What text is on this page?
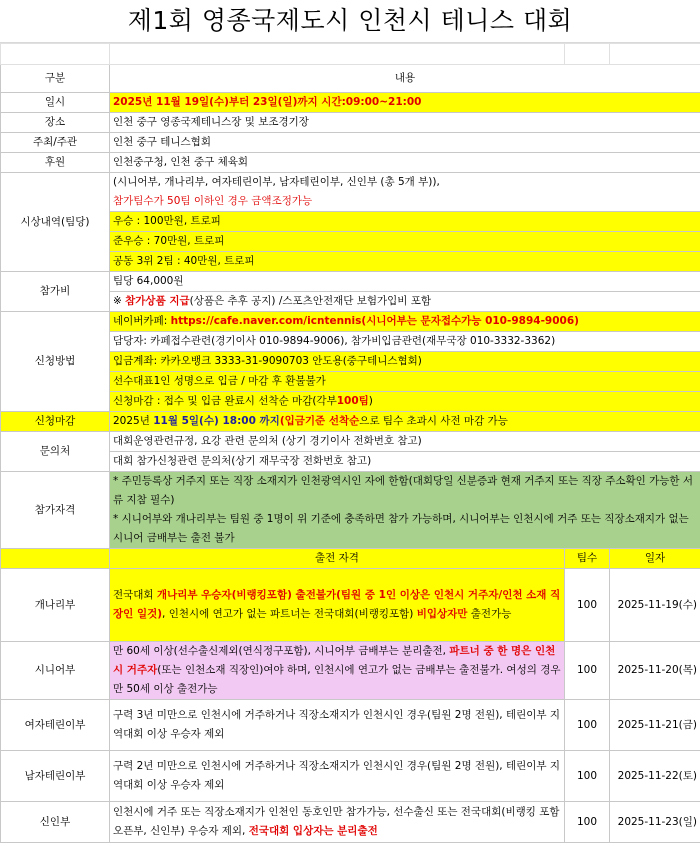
제1회 영종국제도시 인천시 테니스 대회

구분	내용		
일시	2025년 11월 19일(수)부터 23일(일)까지 시간:09:00~21:00		
장소	인천 중구 영종국제테니스장 및 보조경기장		
주최/주관	인천 중구 테니스협회		
후원	인천중구청, 인천 중구 체육회		
시상내역(팀당)	(시니어부, 개나리부, 여자테린이부, 남자테린이부, 신인부 (총 5개 부)),
참가팀수가 50팀 이하인 경우 금액조정가능		

	우승 : 100만원, 트로피		
	준우승 : 70만원, 트로피		
	공동 3위 2팀 : 40만원, 트로피		
참가비	팀당 64,000원		
	※ 참가상품 지급(상품은 추후 공지) /스포츠안전재단 보험가입비 포함		
신청방법	네이버카페: https://cafe.naver.com/icntennis(시니어부는 문자접수가능 010-9894-9006)		
	담당자: 카페접수관련(경기이사 010-9894-9006), 참가비입금관련(재무국장 010-3332-3362)		
	입금계좌: 카카오뱅크 3333-31-9090703 안도용(중구테니스협회)		
	선수대표1인 성명으로 입금 / 마감 후 환불불가		
	신청마감 : 접수 및 입금 완료시 선착순 마감(각부100팀)		
신청마감	2025년 11월 5일(수) 18:00 까지(입금기준 선착순으로 팀수 초과시 사전 마감 가능		
문의처	대회운영관련규정, 요강 관련 문의처 (상기 경기이사 전화번호 참고)		
	대회 참가신청관련 문의처(상기 재무국장 전화번호 참고)		
참가자격	* 주민등록상 거주지 또는 직장 소재지가 인천광역시인 자에 한함(대회당일 신분증과 현재 거주지 또는 직장 주소확인 가능한 서류 지참 필수)
* 시니어부와 개나리부는 팀원 중 1명이 위 기준에 충족하면 참가 가능하며, 시니어부는 인천시에 거주 또는 직장소재지가 없는 시니어 금배부는 출전 불가		

	출전 자격	팀수	일자
개나리부	전국대회 개나리부 우승자(비랭킹포함) 출전불가(팀원 중 1인 이상은 인천시 거주자/인천 소재 직장인 일것), 인천시에 연고가 없는 파트너는 전국대회(비랭킹포함) 비입상자만 출전가능	100	2025-11-19(수)
시니어부	만 60세 이상(선수출신제외(연식정구포함), 시니어부 금배부는 분리출전, 파트너 중 한 명은 인천시 거주자(또는 인천소재 직장인)여야 하며, 인천시에 연고가 없는 금배부는 출전불가. 여성의 경우 만 50세 이상 출전가능	100	2025-11-20(목)
여자테린이부	구력 3년 미만으로 인천시에 거주하거나 직장소재지가 인천시인 경우(팀원 2명 전원), 테린이부 지역대회 이상 우승자 제외	100	2025-11-21(금)
남자테린이부	구력 2년 미만으로 인천시에 거주하거나 직장소재지가 인천시인 경우(팀원 2명 전원), 테린이부 지역대회 이상 우승자 제외	100	2025-11-22(토)
신인부	인천시에 거주 또는 직장소재지가 인천인 동호인만 참가가능, 선수출신 또는 전국대회(비랭킹 포함 오픈부, 신인부) 우승자 제외, 전국대회 입상자는 분리출전	100	2025-11-23(일)
